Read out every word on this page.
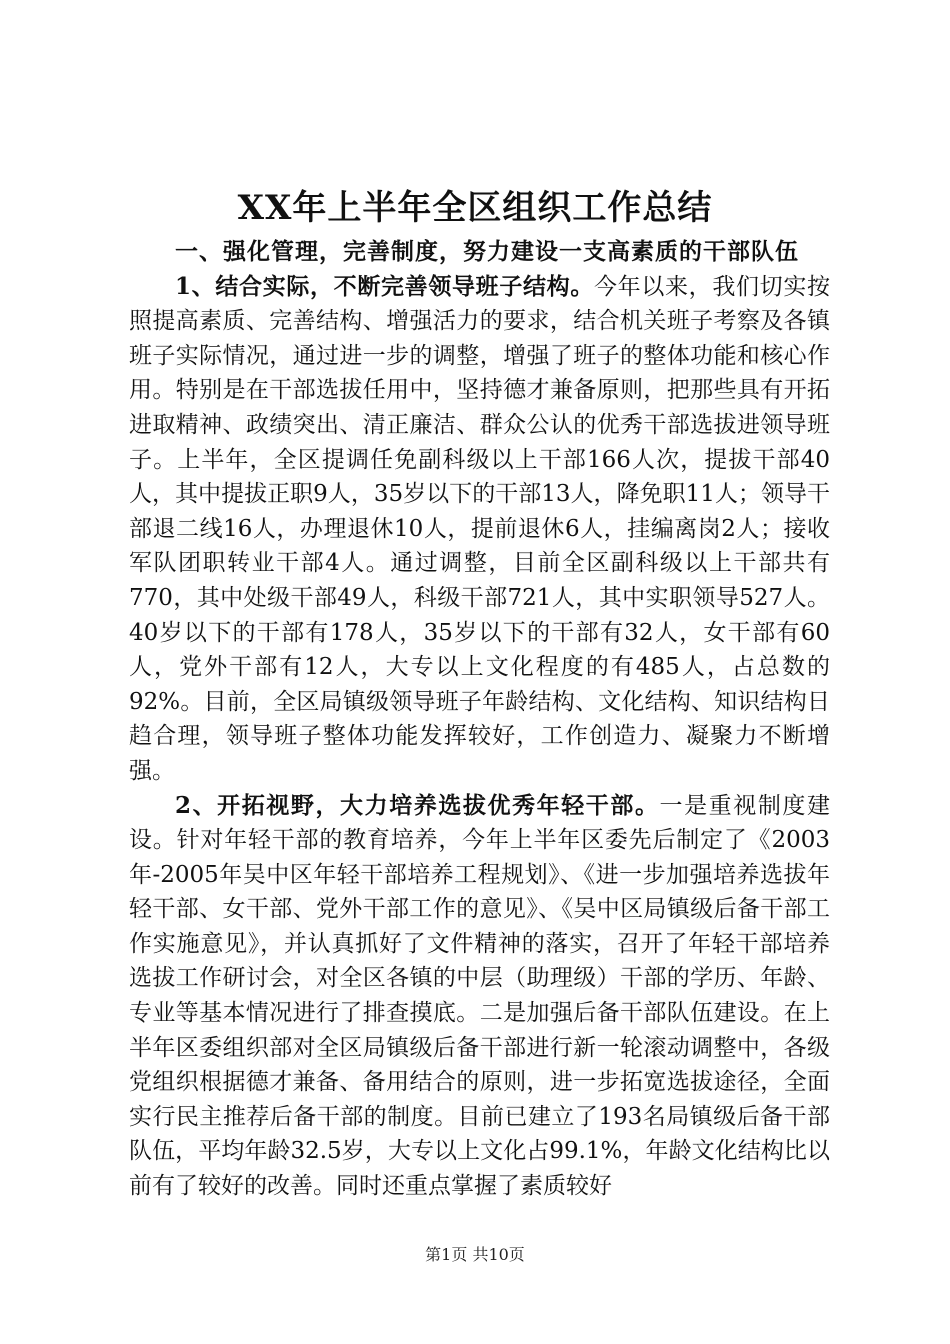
XX年上半年全区组织工作总结

一、强化管理，完善制度，努力建设一支高素质的干部队伍

1、结合实际，不断完善领导班子结构。今年以来，我们切实按照提高素质、完善结构、增强活力的要求，结合机关班子考察及各镇班子实际情况，通过进一步的调整，增强了班子的整体功能和核心作用。特别是在干部选拔任用中，坚持德才兼备原则，把那些具有开拓进取精神、政绩突出、清正廉洁、群众公认的优秀干部选拔进领导班子。上半年，全区提调任免副科级以上干部166人次，提拔干部40人，其中提拔正职9人，35岁以下的干部13人，降免职11人；领导干部退二线16人，办理退休10人，提前退休6人，挂编离岗2人；接收军队团职转业干部4人。通过调整，目前全区副科级以上干部共有770，其中处级干部49人，科级干部721人，其中实职领导527人。40岁以下的干部有178人，35岁以下的干部有32人，女干部有60人，党外干部有12人，大专以上文化程度的有485人，占总数的92%。目前，全区局镇级领导班子年龄结构、文化结构、知识结构日趋合理，领导班子整体功能发挥较好，工作创造力、凝聚力不断增强。

2、开拓视野，大力培养选拔优秀年轻干部。一是重视制度建设。针对年轻干部的教育培养，今年上半年区委先后制定了《2003年-2005年吴中区年轻干部培养工程规划》、《进一步加强培养选拔年轻干部、女干部、党外干部工作的意见》、《吴中区局镇级后备干部工作实施意见》，并认真抓好了文件精神的落实，召开了年轻干部培养选拔工作研讨会，对全区各镇的中层（助理级）干部的学历、年龄、专业等基本情况进行了排查摸底。二是加强后备干部队伍建设。在上半年区委组织部对全区局镇级后备干部进行新一轮滚动调整中，各级党组织根据德才兼备、备用结合的原则，进一步拓宽选拔途径，全面实行民主推荐后备干部的制度。目前已建立了193名局镇级后备干部队伍，平均年龄32.5岁，大专以上文化占99.1%，年龄文化结构比以前有了较好的改善。同时还重点掌握了素质较好

第1页 共10页
